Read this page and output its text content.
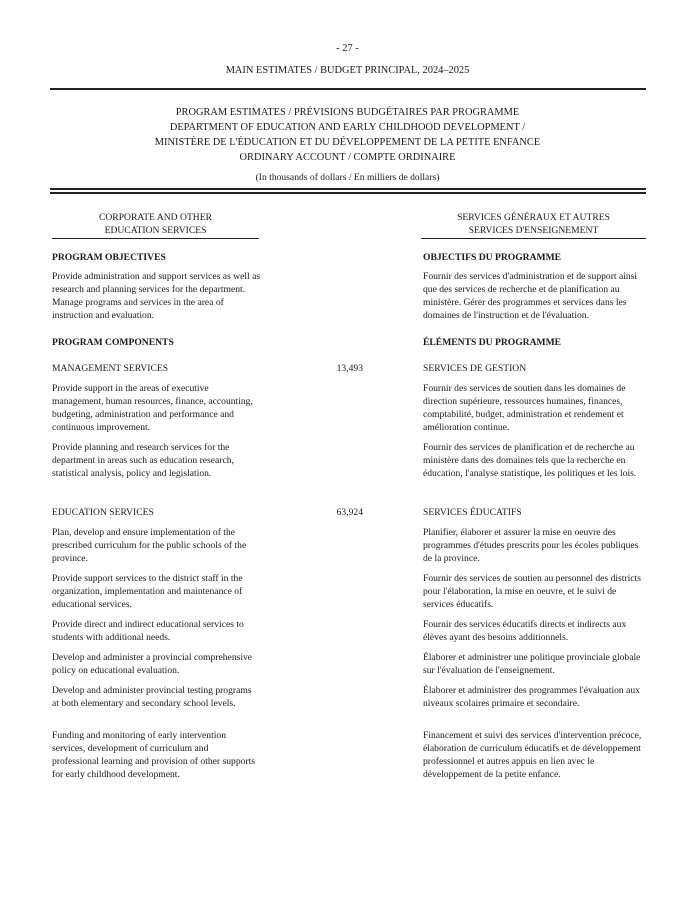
- 27 -
MAIN ESTIMATES / BUDGET PRINCIPAL, 2024–2025
PROGRAM ESTIMATES / PRÉVISIONS BUDGÉTAIRES PAR PROGRAMME
DEPARTMENT OF EDUCATION AND EARLY CHILDHOOD DEVELOPMENT /
MINISTÈRE DE L'ÉDUCATION ET DU DÉVELOPPEMENT DE LA PETITE ENFANCE
ORDINARY ACCOUNT / COMPTE ORDINAIRE
(In thousands of dollars / En milliers de dollars)
CORPORATE AND OTHER
EDUCATION SERVICES
SERVICES GÉNÉRAUX ET AUTRES
SERVICES D'ENSEIGNEMENT
PROGRAM OBJECTIVES	OBJECTIFS DU PROGRAMME
Provide administration and support services as well as research and planning services for the department. Manage programs and services in the area of instruction and evaluation.
Fournir des services d'administration et de support ainsi que des services de recherche et de planification au ministère. Gérer des programmes et services dans les domaines de l'instruction et de l'évaluation.
PROGRAM COMPONENTS	ÉLÉMENTS DU PROGRAMME
MANAGEMENT SERVICES	13,493	SERVICES DE GESTION
Provide support in the areas of executive management, human resources, finance, accounting, budgeting, administration and performance and continuous improvement.
Fournir des services de soutien dans les domaines de direction supérieure, ressources humaines, finances, comptabilité, budget, administration et rendement et amélioration continue.
Provide planning and research services for the department in areas such as education research, statistical analysis, policy and legislation.
Fournir des services de planification et de recherche au ministère dans des domaines tels que la recherche en éducation, l'analyse statistique, les politiques et les lois.
EDUCATION SERVICES	63,924	SERVICES ÉDUCATIFS
Plan, develop and ensure implementation of the prescribed curriculum for the public schools of the province.
Planifier, élaborer et assurer la mise en oeuvre des programmes d'études prescrits pour les écoles publiques de la province.
Provide support services to the district staff in the organization, implementation and maintenance of educational services.
Fournir des services de soutien au personnel des districts pour l'élaboration, la mise en oeuvre, et le suivi de services éducatifs.
Provide direct and indirect educational services to students with additional needs.
Fournir des services éducatifs directs et indirects aux élèves ayant des besoins additionnels.
Develop and administer a provincial comprehensive policy on educational evaluation.
Élaborer et administrer une politique provinciale globale sur l'évaluation de l'enseignement.
Develop and administer provincial testing programs at both elementary and secondary school levels.
Élaborer et administrer des programmes l'évaluation aux niveaux scolaires primaire et secondaire.
Funding and monitoring of early intervention services, development of curriculum and professional learning and provision of other supports for early childhood development.
Financement et suivi des services d'intervention précoce, élaboration de curriculum éducatifs et de développement professionnel et autres appuis en lien avec le développement de la petite enfance.
